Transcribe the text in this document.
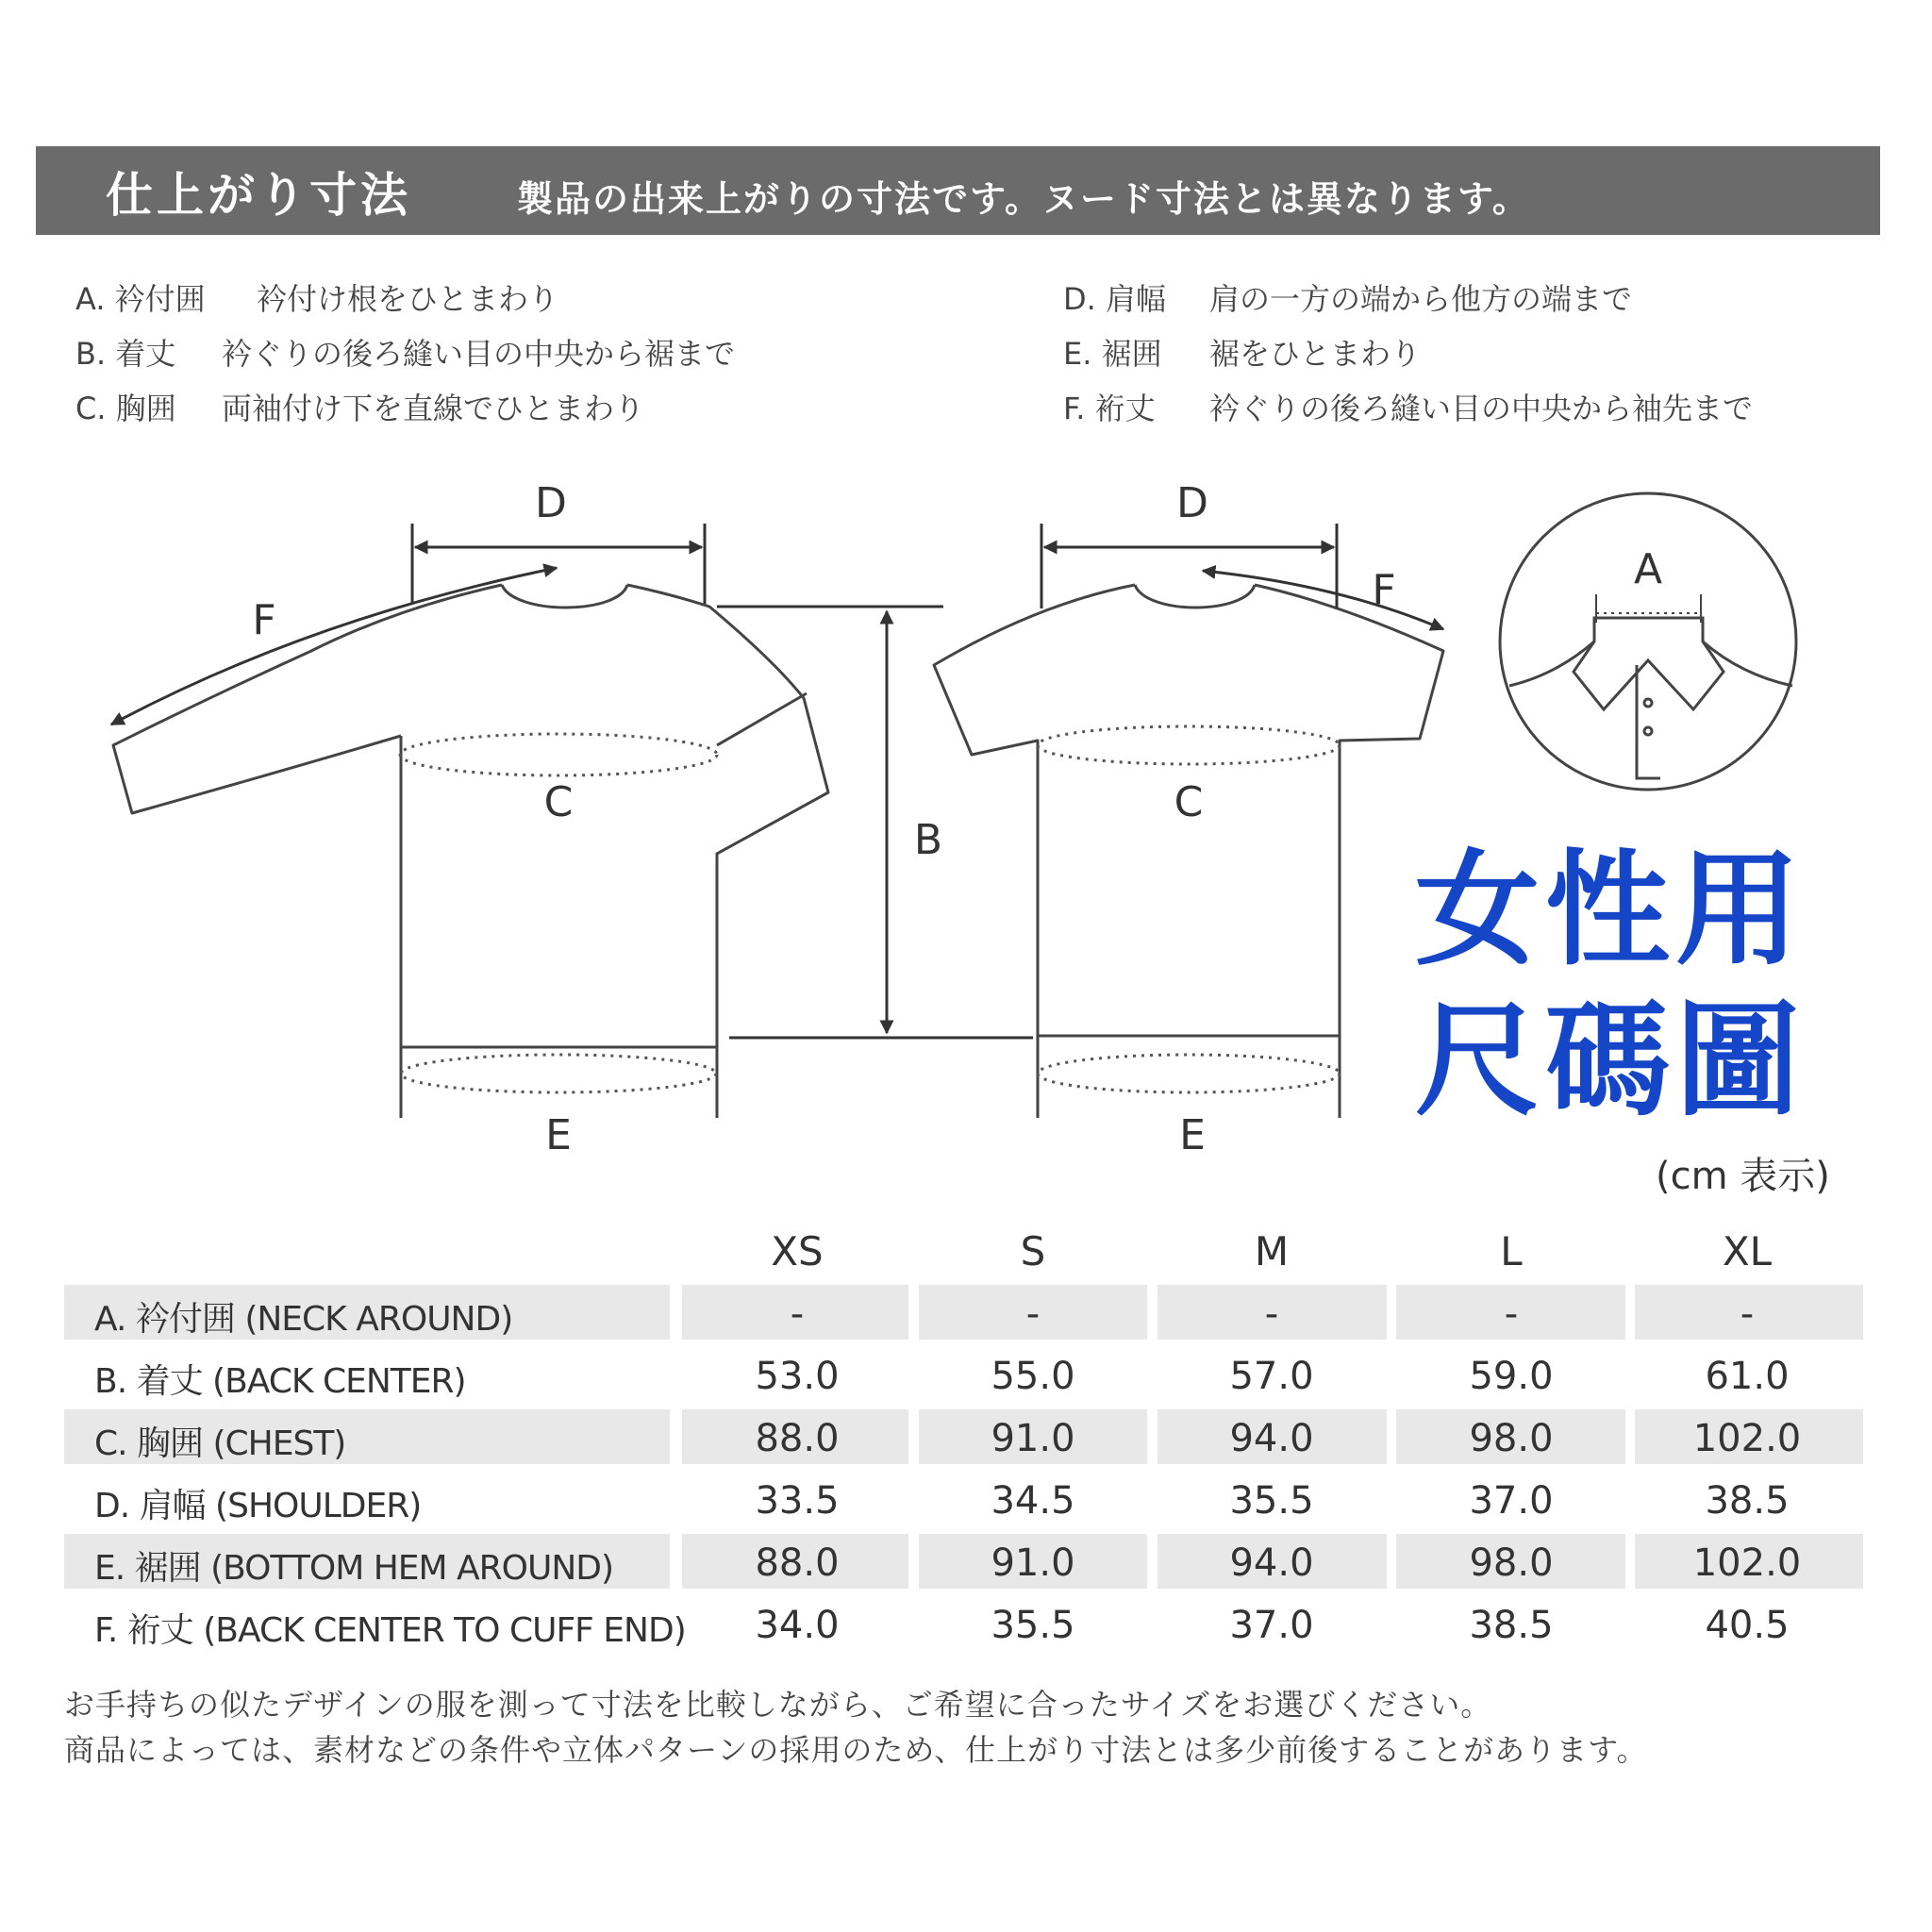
仕上がり寸法	製品の出来上がりの寸法です。ヌード寸法とは異なります。
A. 衿付囲 衿付け根をひとまわり
B. 着丈 衿ぐりの後ろ縫い目の中央から裾まで
C. 胸囲 両袖付け下を直線でひとまわり
D. 肩幅 肩の一方の端から他方の端まで
E. 裾囲 裾をひとまわり
F. 裄丈 衿ぐりの後ろ縫い目の中央から袖先まで
D	D
F
F
C	C
B
E	E
A
女性用
尺碼圖
(cm 表示)
XS	S	M	L	XL
A. 衿付囲 (NECK AROUND)	-	-	-	-	-
B. 着丈 (BACK CENTER)	53.0	55.0	57.0	59.0	61.0
C. 胸囲 (CHEST)	88.0	91.0	94.0	98.0	102.0
D. 肩幅 (SHOULDER)	33.5	34.5	35.5	37.0	38.5
E. 裾囲 (BOTTOM HEM AROUND)	88.0	91.0	94.0	98.0	102.0
F. 裄丈 (BACK CENTER TO CUFF END)	34.0	35.5	37.0	38.5	40.5
お手持ちの似たデザインの服を測って寸法を比較しながら、ご希望に合ったサイズをお選びください。
商品によっては、素材などの条件や立体パターンの採用のため、仕上がり寸法とは多少前後することがあります。
